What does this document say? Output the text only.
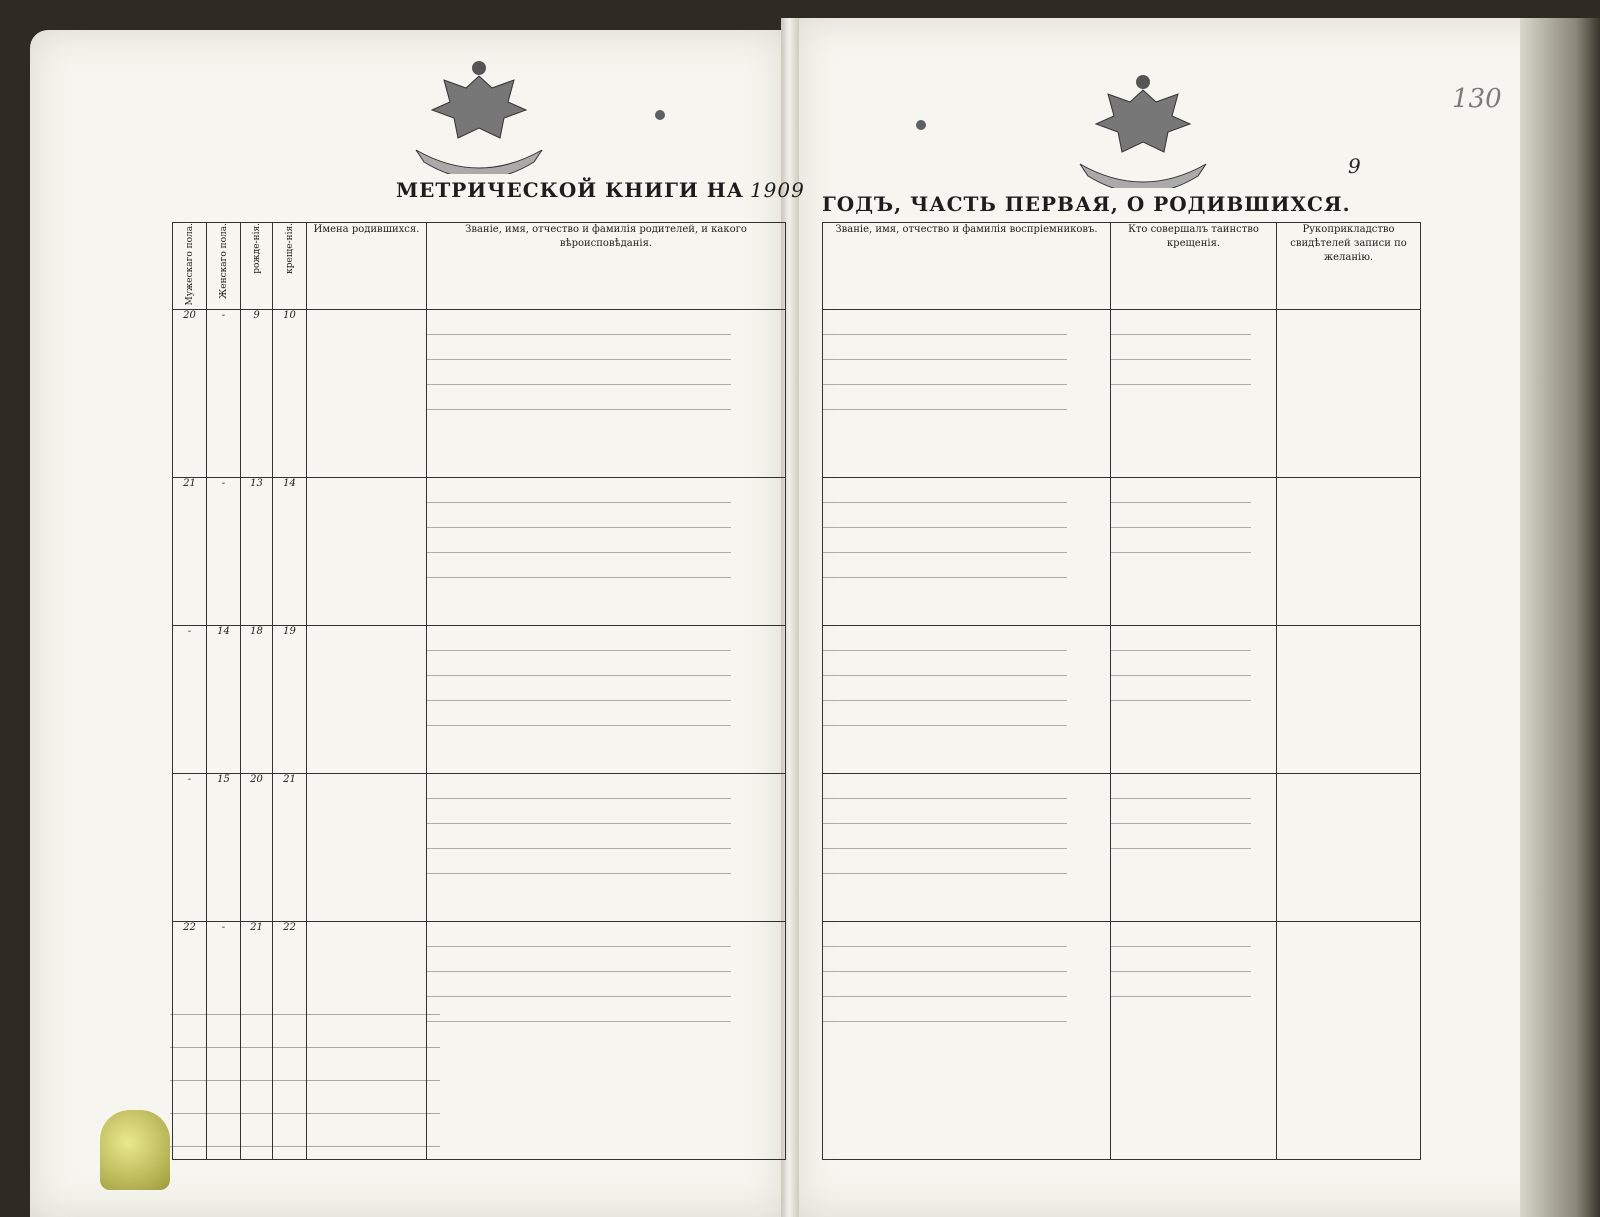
130
9
МЕТРИЧЕСКОЙ КНИГИ НА 1909
ГОДЪ, ЧАСТЬ ПЕРВАЯ, О РОДИВШИХСЯ.
Мужескаго пола.	Женскаго пола.	рожде-нія.	креще-нія.	Имена родившихся.	Званіе, имя, отчество и фамилія родителей, и какого вѣроисповѣданія.

20	-	9	10		

21	-	13	14		

-	14	18	19		

-	15	20	21		

22	-	21	22		
Званіе, имя, отчество и фамилія воспріемниковъ.	Кто совершалъ таинство крещенія.	Рукоприкладство свидѣтелей записи по желанію.
